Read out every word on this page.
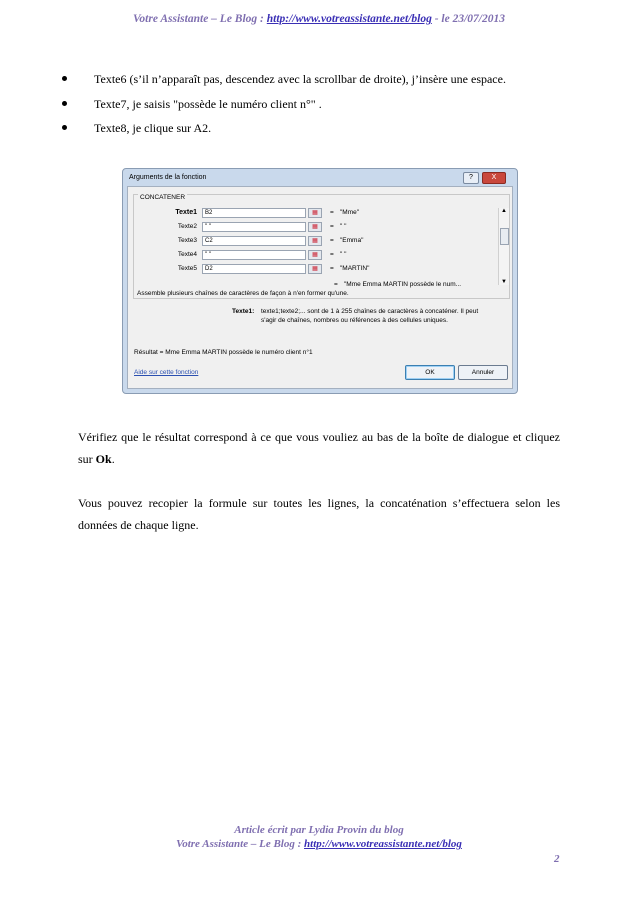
Votre Assistante – Le Blog : http://www.votreassistante.net/blog - le 23/07/2013
Texte6 (s’il n’apparaît pas, descendez avec la scrollbar de droite), j’insère une espace.
Texte7, je saisis "possède le numéro client n°" .
Texte8, je clique sur A2.
Arguments de la fonction	?	X
CONCATENER
Texte1	B2	▦	= "Mme"
Texte2	" "	▦	= " "
Texte3	C2	▦	= "Emma"
Texte4	" "	▦	= " "
Texte5	D2	▦	= "MARTIN"
▲
▼
= "Mme Emma MARTIN possède le num...
Assemble plusieurs chaînes de caractères de façon à n'en former qu'une.
Texte1: texte1;texte2;... sont de 1 à 255 chaînes de caractères à concaténer. Il peut
s'agir de chaînes, nombres ou références à des cellules uniques.
Résultat = Mme Emma MARTIN possède le numéro client n°1
Aide sur cette fonction	OK	Annuler
Vérifiez que le résultat correspond à ce que vous vouliez au bas de la boîte de dialogue et cliquez sur Ok.
Vous pouvez recopier la formule sur toutes les lignes, la concaténation s’effectuera selon les données de chaque ligne.
Article écrit par Lydia Provin du blog
Votre Assistante – Le Blog : http://www.votreassistante.net/blog
2
